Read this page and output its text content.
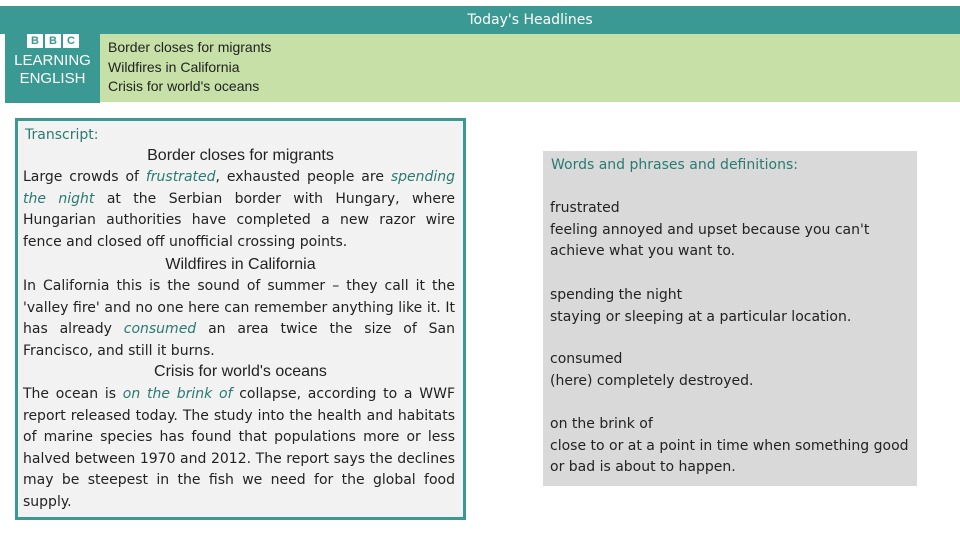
Today's Headlines
B B C
LEARNING
ENGLISH
Border closes for migrants
Wildfires in California
Crisis for world's oceans
Transcript:
Border closes for migrants

Large crowds of frustrated, exhausted people are spending the night at the Serbian border with Hungary, where Hungarian authorities have completed a new razor wire fence and closed off unofficial crossing points.

Wildfires in California

In California this is the sound of summer – they call it the 'valley fire' and no one here can remember anything like it. It has already consumed an area twice the size of San Francisco, and still it burns.

Crisis for world's oceans

The ocean is on the brink of collapse, according to a WWF report released today. The study into the health and habitats of marine species has found that populations more or less halved between 1970 and 2012. The report says the declines may be steepest in the fish we need for the global food supply.

Words and phrases and definitions:
frustrated
feeling annoyed and upset because you can't achieve what you want to.
spending the night
staying or sleeping at a particular location.
consumed
(here) completely destroyed.
on the brink of
close to or at a point in time when something good or bad is about to happen.
